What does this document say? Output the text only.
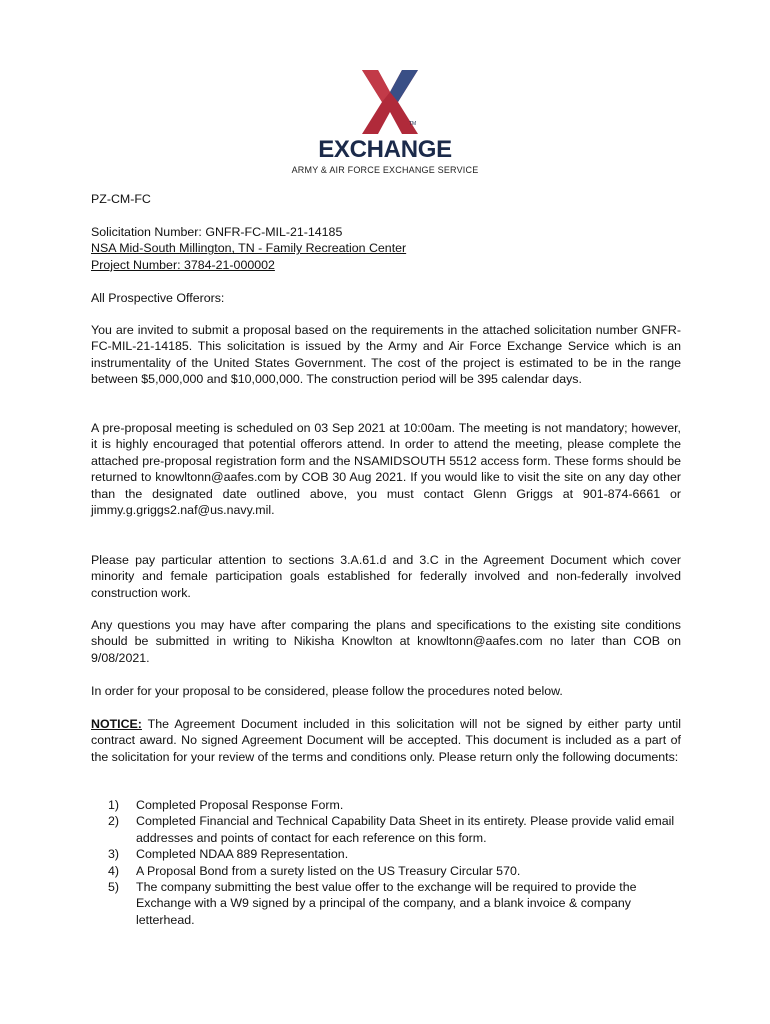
TM
EXCHANGE
ARMY & AIR FORCE EXCHANGE SERVICE
PZ-CM-FC

Solicitation Number: GNFR-FC-MIL-21-14185

NSA Mid-South Millington, TN - Family Recreation Center

Project Number: 3784-21-000002

All Prospective Offerors:

You are invited to submit a proposal based on the requirements in the attached solicitation number GNFR-FC-MIL-21-14185. This solicitation is issued by the Army and Air Force Exchange Service which is an instrumentality of the United States Government. The cost of the project is estimated to be in the range between $5,000,000 and $10,000,000. The construction period will be 395 calendar days.

A pre-proposal meeting is scheduled on 03 Sep 2021 at 10:00am. The meeting is not mandatory; however, it is highly encouraged that potential offerors attend. In order to attend the meeting, please complete the attached pre-proposal registration form and the NSAMIDSOUTH 5512 access form. These forms should be returned to knowltonn@aafes.com by COB 30 Aug 2021. If you would like to visit the site on any day other than the designated date outlined above, you must contact Glenn Griggs at 901-874-6661 or jimmy.g.griggs2.naf@us.navy.mil.

Please pay particular attention to sections 3.A.61.d and 3.C in the Agreement Document which cover minority and female participation goals established for federally involved and non-federally involved construction work.

Any questions you may have after comparing the plans and specifications to the existing site conditions should be submitted in writing to Nikisha Knowlton at knowltonn@aafes.com no later than COB on 9/08/2021.

In order for your proposal to be considered, please follow the procedures noted below.

NOTICE: The Agreement Document included in this solicitation will not be signed by either party until contract award. No signed Agreement Document will be accepted. This document is included as a part of the solicitation for your review of the terms and conditions only. Please return only the following documents:

1) Completed Proposal Response Form.
2) Completed Financial and Technical Capability Data Sheet in its entirety. Please provide valid email addresses and points of contact for each reference on this form.
3) Completed NDAA 889 Representation.
4) A Proposal Bond from a surety listed on the US Treasury Circular 570.
5) The company submitting the best value offer to the exchange will be required to provide the Exchange with a W9 signed by a principal of the company, and a blank invoice & company letterhead.
